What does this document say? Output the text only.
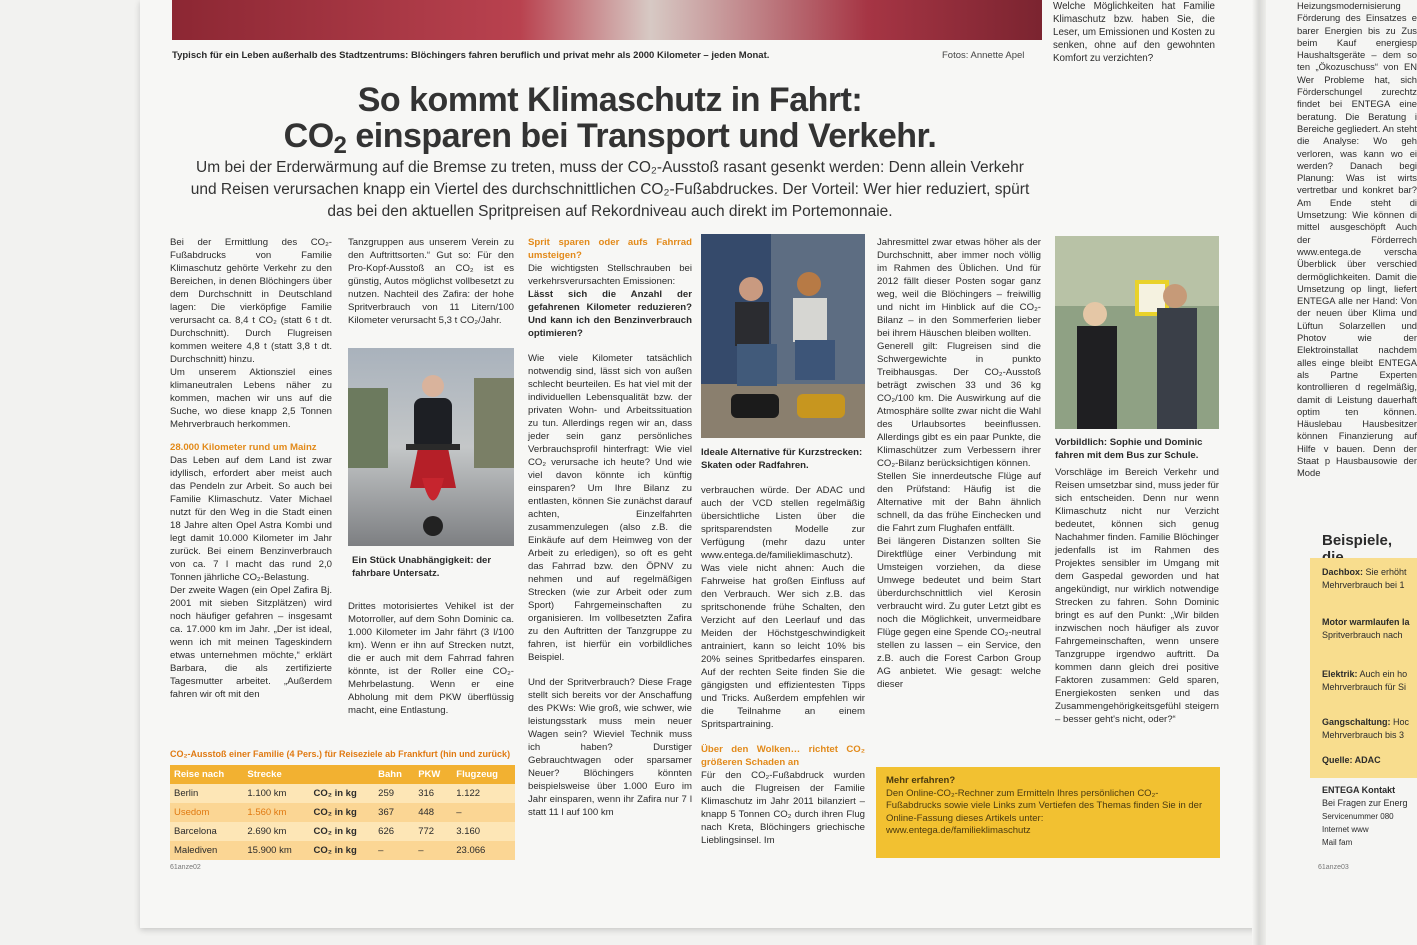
Typisch für ein Leben außerhalb des Stadtzentrums: Blöchingers fahren beruflich und privat mehr als 2000 Kilometer – jeden Monat.	Fotos: Annette Apel
Welche Möglichkeiten hat Familie Klimaschutz bzw. haben Sie, die Leser, um Emissionen und Kosten zu senken, ohne auf den gewohnten Komfort zu verzichten?
So kommt Klimaschutz in Fahrt:
$CO_2$ einsparen bei Transport und Verkehr.
Um bei der Erderwärmung auf die Bremse zu treten, muss der CO₂-Ausstoß rasant gesenkt werden: Denn allein Verkehr und Reisen verursachen knapp ein Viertel des durchschnittlichen CO₂-Fußabdruckes. Der Vorteil: Wer hier reduziert, spürt das bei den aktuellen Spritpreisen auf Rekordniveau auch direkt im Portemonnaie.
Bei der Ermittlung des CO₂-Fußabdrucks von Familie Klimaschutz gehörte Verkehr zu den Bereichen, in denen Blöchingers über dem Durchschnitt in Deutschland lagen: Die vierköpfige Familie verursacht ca. 8,4 t CO₂ (statt 6 t dt. Durchschnitt). Durch Flugreisen kommen weitere 4,8 t (statt 3,8 t dt. Durchschnitt) hinzu.
Um unserem Aktionsziel eines klimaneutralen Lebens näher zu kommen, machen wir uns auf die Suche, wo diese knapp 2,5 Tonnen Mehrverbrauch herkommen.
28.000 Kilometer rund um Mainz
Das Leben auf dem Land ist zwar idyllisch, erfordert aber meist auch das Pendeln zur Arbeit. So auch bei Familie Klimaschutz. Vater Michael nutzt für den Weg in die Stadt einen 18 Jahre alten Opel Astra Kombi und legt damit 10.000 Kilometer im Jahr zurück. Bei einem Benzinverbrauch von ca. 7 l macht das rund 2,0 Tonnen jährliche CO₂-Belastung.
Der zweite Wagen (ein Opel Zafira Bj. 2001 mit sieben Sitzplätzen) wird noch häufiger gefahren – insgesamt ca. 17.000 km im Jahr. „Der ist ideal, wenn ich mit meinen Tageskindern etwas unternehmen möchte,“ erklärt Barbara, die als zertifizierte Tagesmutter arbeitet. „Außerdem fahren wir oft mit den
Tanzgruppen aus unserem Verein zu den Auftrittsorten.“ Gut so: Für den Pro-Kopf-Ausstoß an CO₂ ist es günstig, Autos möglichst vollbesetzt zu nutzen. Nachteil des Zafira: der hohe Spritverbrauch von 11 Litern/100 Kilometer verursacht 5,3 t CO₂/Jahr.
Ein Stück Unabhängigkeit: der fahrbare Untersatz.
Drittes motorisiertes Vehikel ist der Motorroller, auf dem Sohn Dominic ca. 1.000 Kilometer im Jahr fährt (3 l/100 km). Wenn er ihn auf Strecken nutzt, die er auch mit dem Fahrrad fahren könnte, ist der Roller eine CO₂-Mehrbelastung. Wenn er eine Abholung mit dem PKW überflüssig macht, eine Entlastung.
Sprit sparen oder aufs Fahrrad umsteigen?
Die wichtigsten Stellschrauben bei verkehrsverursachten Emissionen:
Lässt sich die Anzahl der gefahrenen Kilometer reduzieren? Und kann ich den Benzinverbrauch optimieren?
Wie viele Kilometer tatsächlich notwendig sind, lässt sich von außen schlecht beurteilen. Es hat viel mit der individuellen Lebensqualität bzw. der privaten Wohn- und Arbeitssituation zu tun. Allerdings regen wir an, dass jeder sein ganz persönliches Verbrauchsprofil hinterfragt: Wie viel CO₂ verursache ich heute? Und wie viel davon könnte ich künftig einsparen? Um Ihre Bilanz zu entlasten, können Sie zunächst darauf achten, Einzelfahrten zusammenzulegen (also z.B. die Einkäufe auf dem Heimweg von der Arbeit zu erledigen), so oft es geht das Fahrrad bzw. den ÖPNV zu nehmen und auf regelmäßigen Strecken (wie zur Arbeit oder zum Sport) Fahrgemeinschaften zu organisieren. Im vollbesetzten Zafira zu den Auftritten der Tanzgruppe zu fahren, ist hierfür ein vorbildliches Beispiel.
Und der Spritverbrauch? Diese Frage stellt sich bereits vor der Anschaffung des PKWs: Wie groß, wie schwer, wie leistungsstark muss mein neuer Wagen sein? Wieviel Technik muss ich haben? Durstiger Gebrauchtwagen oder sparsamer Neuer? Blöchingers könnten beispielsweise über 1.000 Euro im Jahr einsparen, wenn ihr Zafira nur 7 l statt 11 l auf 100 km
Ideale Alternative für Kurzstrecken: Skaten oder Radfahren.
verbrauchen würde. Der ADAC und auch der VCD stellen regelmäßig übersichtliche Listen über die spritsparendsten Modelle zur Verfügung (mehr dazu unter www.entega.de/familieklimaschutz).
Was viele nicht ahnen: Auch die Fahrweise hat großen Einfluss auf den Verbrauch. Wer sich z.B. das spritschonende frühe Schalten, den Verzicht auf den Leerlauf und das Meiden der Höchstgeschwindigkeit antrainiert, kann so leicht 10% bis 20% seines Spritbedarfes einsparen. Auf der rechten Seite finden Sie die gängigsten und effizientesten Tipps und Tricks. Außerdem empfehlen wir die Teilnahme an einem Spritspartraining.
Über den Wolken… richtet CO₂ größeren Schaden an
Für den CO₂-Fußabdruck wurden auch die Flugreisen der Familie Klimaschutz im Jahr 2011 bilanziert – knapp 5 Tonnen CO₂ durch ihren Flug nach Kreta, Blöchingers griechische Lieblingsinsel. Im
Jahresmittel zwar etwas höher als der Durchschnitt, aber immer noch völlig im Rahmen des Üblichen. Und für 2012 fällt dieser Posten sogar ganz weg, weil die Blöchingers – freiwillig und nicht im Hinblick auf die CO₂-Bilanz – in den Sommerferien lieber bei ihrem Häuschen bleiben wollten.
Generell gilt: Flugreisen sind die Schwergewichte in punkto Treibhausgas. Der CO₂-Ausstoß beträgt zwischen 33 und 36 kg CO₂/100 km. Die Auswirkung auf die Atmosphäre sollte zwar nicht die Wahl des Urlaubsortes beeinflussen. Allerdings gibt es ein paar Punkte, die Klimaschützer zum Verbessern ihrer CO₂-Bilanz berücksichtigen können.
Stellen Sie innerdeutsche Flüge auf den Prüfstand: Häufig ist die Alternative mit der Bahn ähnlich schnell, da das frühe Einchecken und die Fahrt zum Flughafen entfällt.
Bei längeren Distanzen sollten Sie Direktflüge einer Verbindung mit Umsteigen vorziehen, da diese Umwege bedeutet und beim Start überdurchschnittlich viel Kerosin verbraucht wird. Zu guter Letzt gibt es noch die Möglichkeit, unvermeidbare Flüge gegen eine Spende CO₂-neutral stellen zu lassen – ein Service, den z.B. auch die Forest Carbon Group AG anbietet. Wie gesagt: welche dieser
Vorbildlich: Sophie und Dominic fahren mit dem Bus zur Schule.
Vorschläge im Bereich Verkehr und Reisen umsetzbar sind, muss jeder für sich entscheiden. Denn nur wenn Klimaschutz nicht nur Verzicht bedeutet, können sich genug Nachahmer finden. Familie Blöchinger jedenfalls ist im Rahmen des Projektes sensibler im Umgang mit dem Gaspedal geworden und hat angekündigt, nur wirklich notwendige Strecken zu fahren. Sohn Dominic bringt es auf den Punkt: „Wir bilden inzwischen noch häufiger als zuvor Fahrgemeinschaften, wenn unsere Tanzgruppe irgendwo auftritt. Da kommen dann gleich drei positive Faktoren zusammen: Geld sparen, Energiekosten senken und das Zusammengehörigkeitsgefühl steigern – besser geht's nicht, oder?“
CO₂-Ausstoß einer Familie (4 Pers.) für Reiseziele ab Frankfurt (hin und zurück)
Reise nach	Strecke		Bahn	PKW	Flugzeug
Berlin	1.100 km	CO₂ in kg	259	316	1.122
Usedom	1.560 km	CO₂ in kg	367	448	–
Barcelona	2.690 km	CO₂ in kg	626	772	3.160
Malediven	15.900 km	CO₂ in kg	–	–	23.066
Mehr erfahren?
Den Online-CO₂-Rechner zum Ermitteln Ihres persönlichen CO₂-Fußabdrucks sowie viele Links zum Vertiefen des Themas finden Sie in der Online-Fassung dieses Artikels unter:
www.entega.de/familieklimaschutz
Heizungsmodernisierung Förderung des Einsatzes e barer Energien bis zu Zus beim Kauf energiesp Haushaltsgeräte – dem so ten „Ökozuschuss“ von EN Wer Probleme hat, sich Förderschungel zurechtz findet bei ENTEGA eine beratung. Die Beratung i Bereiche gegliedert. An steht die Analyse: Wo geh verloren, was kann wo ei werden? Danach begi Planung: Was ist wirts vertretbar und konkret bar? Am Ende steht di Umsetzung: Wie können di mittel ausgeschöpft Auch der Förderrech www.entega.de verscha Überblick über verschied dermöglichkeiten. Damit die Umsetzung op lingt, liefert ENTEGA alle ner Hand: Von der neuen über Klima und Lüftun Solarzellen und Photov wie der Elektroinstallat nachdem alles einge bleibt ENTEGA als Partne Experten kontrollieren d regelmäßig, damit di Leistung dauerhaft optim ten können. Häuslebau Hausbesitzer können Finanzierung auf Hilfe v bauen. Denn der Staat p Hausbausowie der Mode
Beispiele,
Dachbox: Sie erhöht Mehrverbrauch bei 1
Motor warmlaufen la Spritverbrauch nach
Elektrik: Auch ein ho Mehrverbrauch für Si
Gangschaltung: Hoc Mehrverbrauch bis 3
Quelle: ADAC
ENTEGA Kontakt
Bei Fragen zur Energ
Servicenummer 080
Internet www
Mail fam
61anze02	61anze03
